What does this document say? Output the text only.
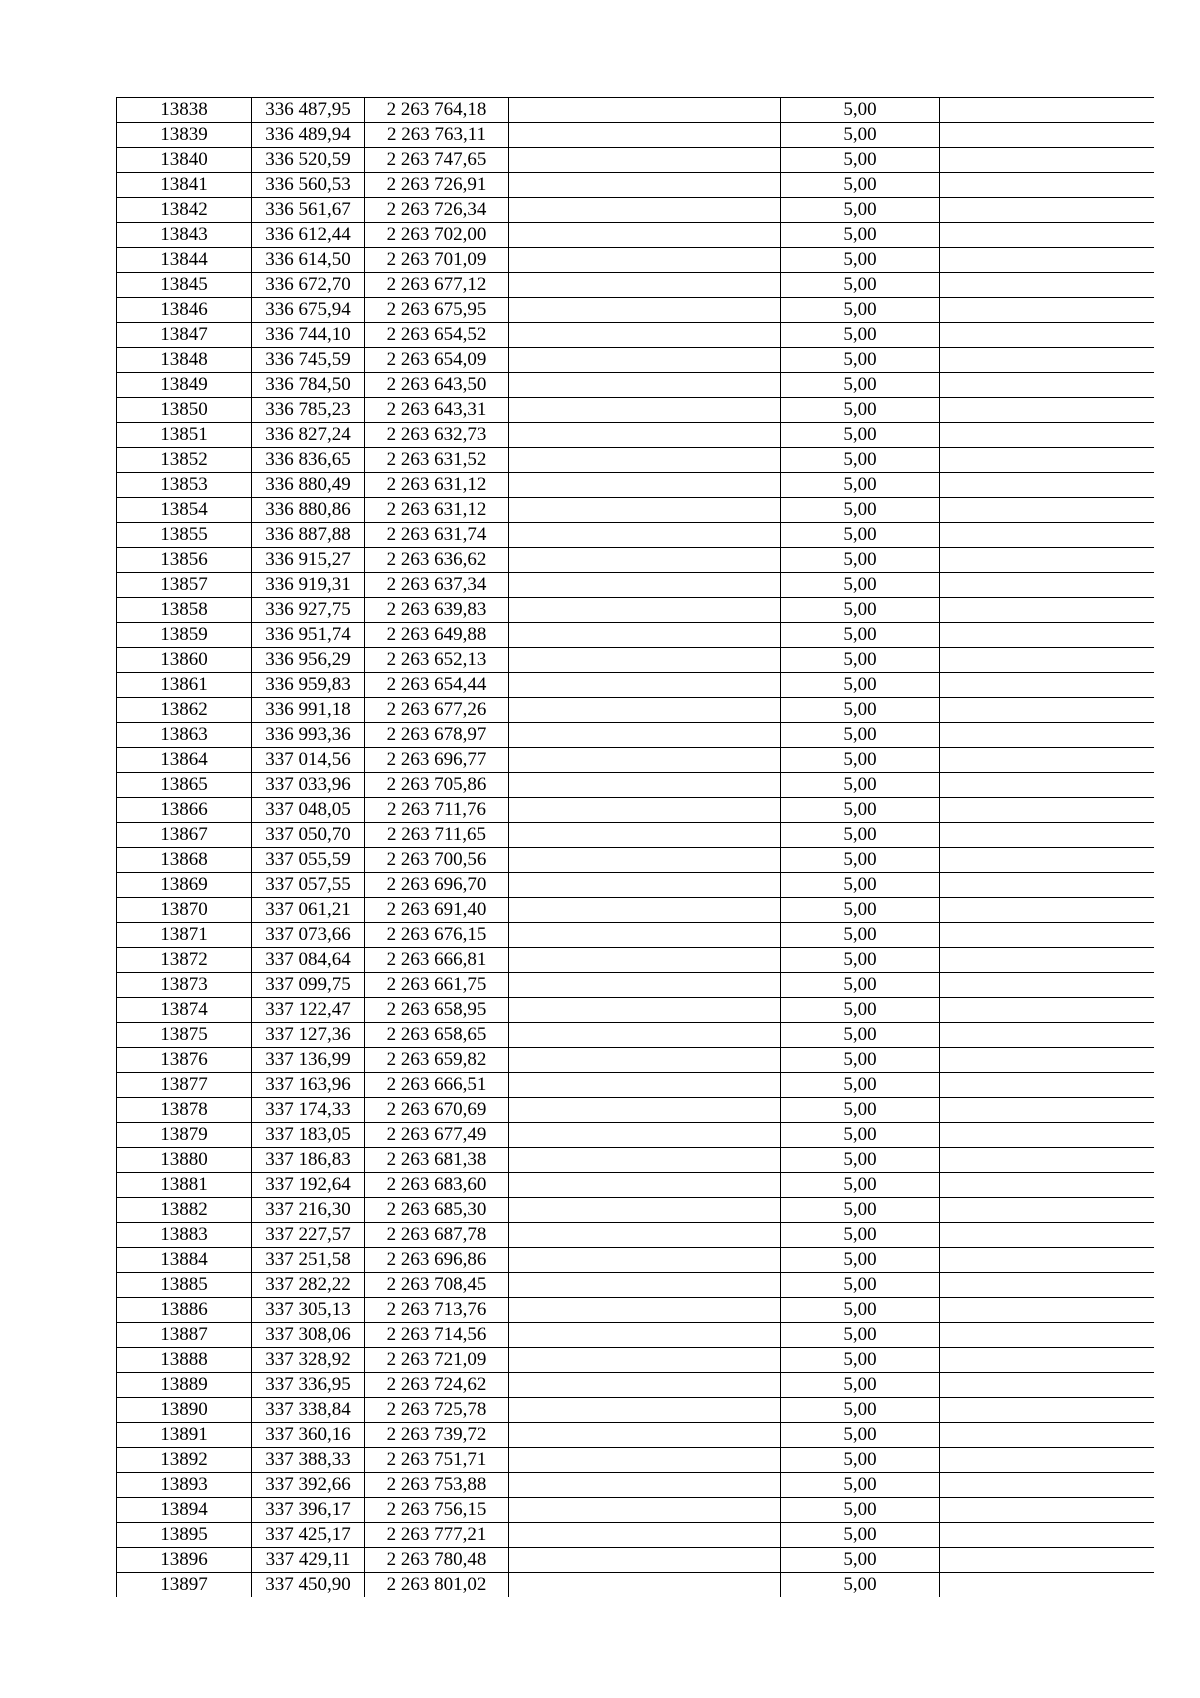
13838	336 487,95	2 263 764,18		5,00	
13839	336 489,94	2 263 763,11		5,00	
13840	336 520,59	2 263 747,65		5,00	
13841	336 560,53	2 263 726,91		5,00	
13842	336 561,67	2 263 726,34		5,00	
13843	336 612,44	2 263 702,00		5,00	
13844	336 614,50	2 263 701,09		5,00	
13845	336 672,70	2 263 677,12		5,00	
13846	336 675,94	2 263 675,95		5,00	
13847	336 744,10	2 263 654,52		5,00	
13848	336 745,59	2 263 654,09		5,00	
13849	336 784,50	2 263 643,50		5,00	
13850	336 785,23	2 263 643,31		5,00	
13851	336 827,24	2 263 632,73		5,00	
13852	336 836,65	2 263 631,52		5,00	
13853	336 880,49	2 263 631,12		5,00	
13854	336 880,86	2 263 631,12		5,00	
13855	336 887,88	2 263 631,74		5,00	
13856	336 915,27	2 263 636,62		5,00	
13857	336 919,31	2 263 637,34		5,00	
13858	336 927,75	2 263 639,83		5,00	
13859	336 951,74	2 263 649,88		5,00	
13860	336 956,29	2 263 652,13		5,00	
13861	336 959,83	2 263 654,44		5,00	
13862	336 991,18	2 263 677,26		5,00	
13863	336 993,36	2 263 678,97		5,00	
13864	337 014,56	2 263 696,77		5,00	
13865	337 033,96	2 263 705,86		5,00	
13866	337 048,05	2 263 711,76		5,00	
13867	337 050,70	2 263 711,65		5,00	
13868	337 055,59	2 263 700,56		5,00	
13869	337 057,55	2 263 696,70		5,00	
13870	337 061,21	2 263 691,40		5,00	
13871	337 073,66	2 263 676,15		5,00	
13872	337 084,64	2 263 666,81		5,00	
13873	337 099,75	2 263 661,75		5,00	
13874	337 122,47	2 263 658,95		5,00	
13875	337 127,36	2 263 658,65		5,00	
13876	337 136,99	2 263 659,82		5,00	
13877	337 163,96	2 263 666,51		5,00	
13878	337 174,33	2 263 670,69		5,00	
13879	337 183,05	2 263 677,49		5,00	
13880	337 186,83	2 263 681,38		5,00	
13881	337 192,64	2 263 683,60		5,00	
13882	337 216,30	2 263 685,30		5,00	
13883	337 227,57	2 263 687,78		5,00	
13884	337 251,58	2 263 696,86		5,00	
13885	337 282,22	2 263 708,45		5,00	
13886	337 305,13	2 263 713,76		5,00	
13887	337 308,06	2 263 714,56		5,00	
13888	337 328,92	2 263 721,09		5,00	
13889	337 336,95	2 263 724,62		5,00	
13890	337 338,84	2 263 725,78		5,00	
13891	337 360,16	2 263 739,72		5,00	
13892	337 388,33	2 263 751,71		5,00	
13893	337 392,66	2 263 753,88		5,00	
13894	337 396,17	2 263 756,15		5,00	
13895	337 425,17	2 263 777,21		5,00	
13896	337 429,11	2 263 780,48		5,00	
13897	337 450,90	2 263 801,02		5,00	
